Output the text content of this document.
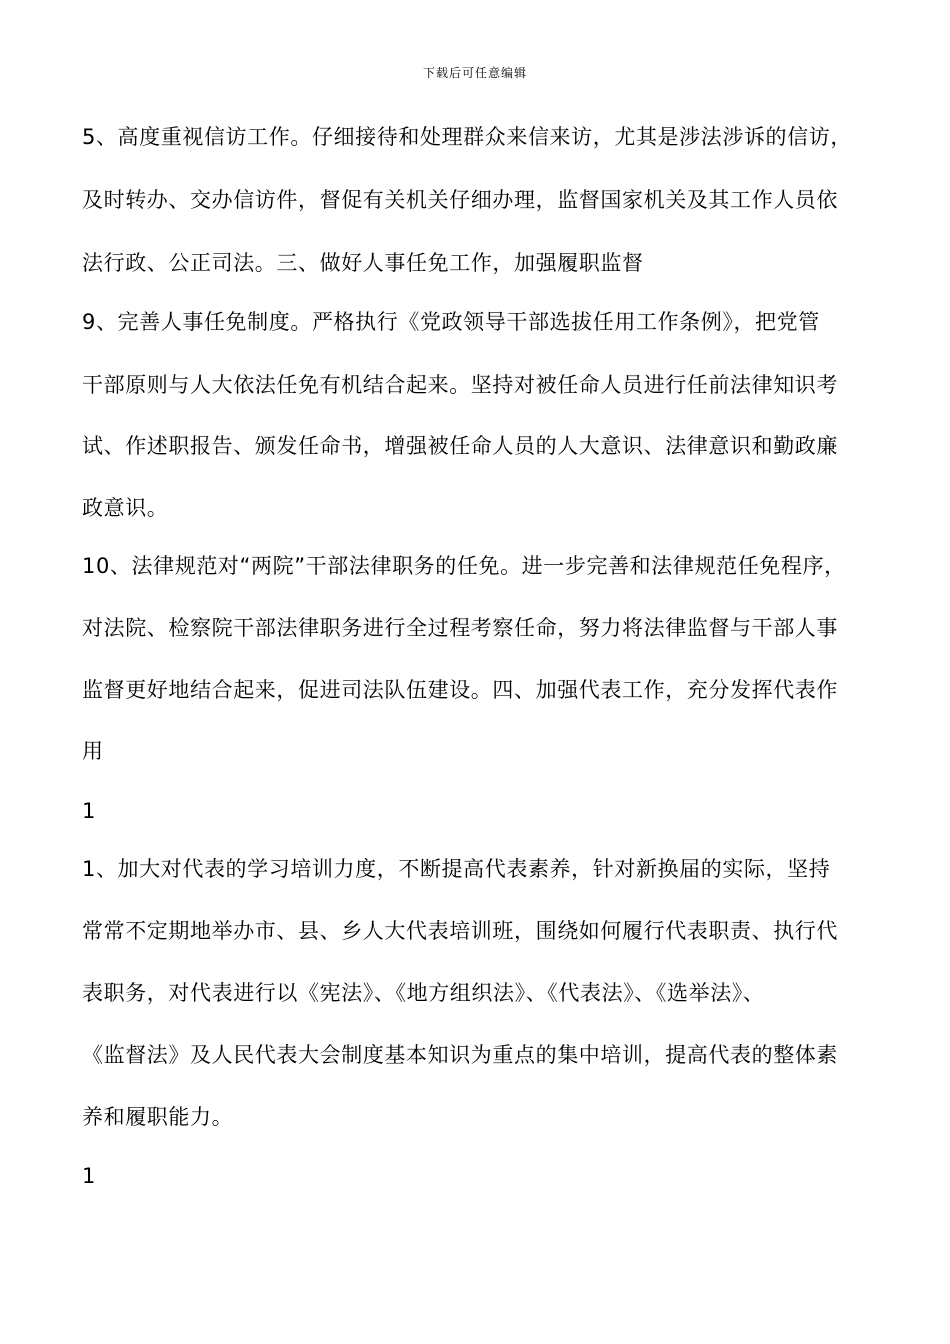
下载后可任意编辑
5、高度重视信访工作。仔细接待和处理群众来信来访，尤其是涉法涉诉的信访，
及时转办、交办信访件，督促有关机关仔细办理，监督国家机关及其工作人员依
法行政、公正司法。三、做好人事任免工作，加强履职监督
9、完善人事任免制度。严格执行《党政领导干部选拔任用工作条例》，把党管
干部原则与人大依法任免有机结合起来。坚持对被任命人员进行任前法律知识考
试、作述职报告、颁发任命书，增强被任命人员的人大意识、法律意识和勤政廉
政意识。
10、法律规范对“两院”干部法律职务的任免。进一步完善和法律规范任免程序，
对法院、检察院干部法律职务进行全过程考察任命，努力将法律监督与干部人事
监督更好地结合起来，促进司法队伍建设。四、加强代表工作，充分发挥代表作
用
1
1、加大对代表的学习培训力度，不断提高代表素养，针对新换届的实际，坚持
常常不定期地举办市、县、乡人大代表培训班，围绕如何履行代表职责、执行代
表职务，对代表进行以《宪法》、《地方组织法》、《代表法》、《选举法》、
《监督法》及人民代表大会制度基本知识为重点的集中培训，提高代表的整体素
养和履职能力。
1
